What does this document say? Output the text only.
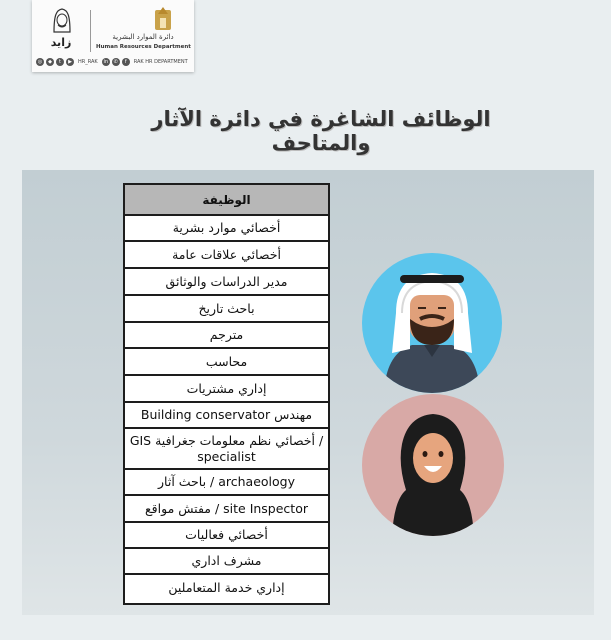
زايد	دائرة الموارد البشرية
Human Resources Department
◎	◆	t	▶	HR_RAK	in	✆	f	RAK HR DEPARTMENT
الوظائف الشاغرة في دائرة الآثار والمتاحف
الوظيفة
أخصائي موارد بشرية
أخصائي علاقات عامة
مدير الدراسات والوثائق
باحث تاريخ
مترجم
محاسب
إداري مشتريات
مهندس Building conservator
/ أخصائي نظم معلومات جغرافية GIS specialist
archaeology / باحث آثار
site Inspector / مفتش مواقع
أخصائي فعاليات
مشرف اداري
إداري خدمة المتعاملين
